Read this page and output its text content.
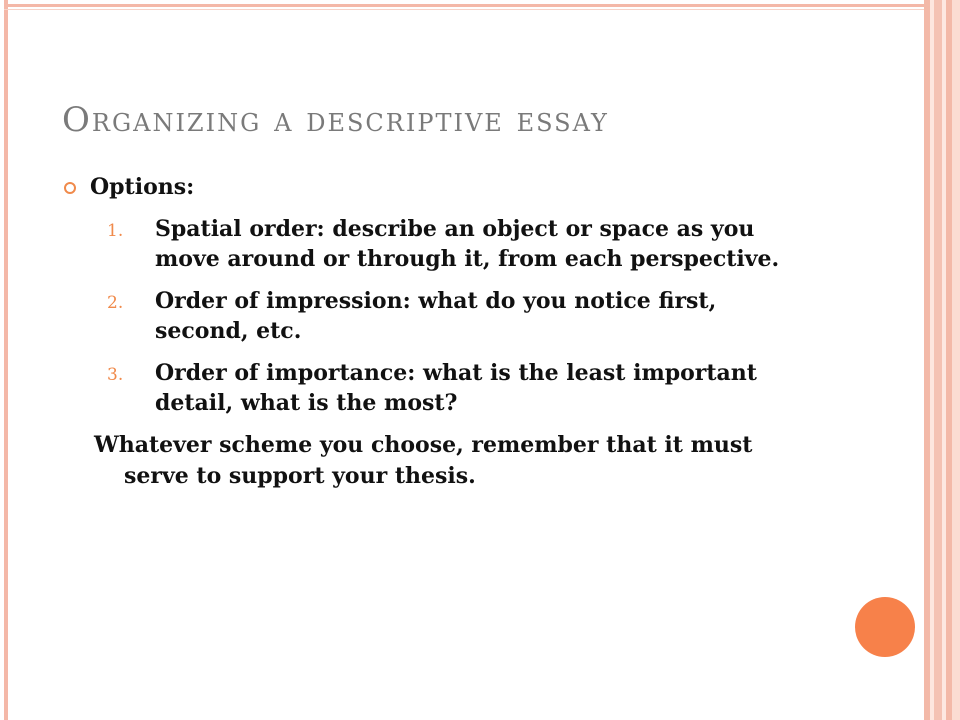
Organizing a descriptive essay
Options:
1. Spatial order: describe an object or space as you move around or through it, from each perspective.
2. Order of impression: what do you notice first, second, etc.
3. Order of importance: what is the least important detail, what is the most?
Whatever scheme you choose, remember that it must serve to support your thesis.
